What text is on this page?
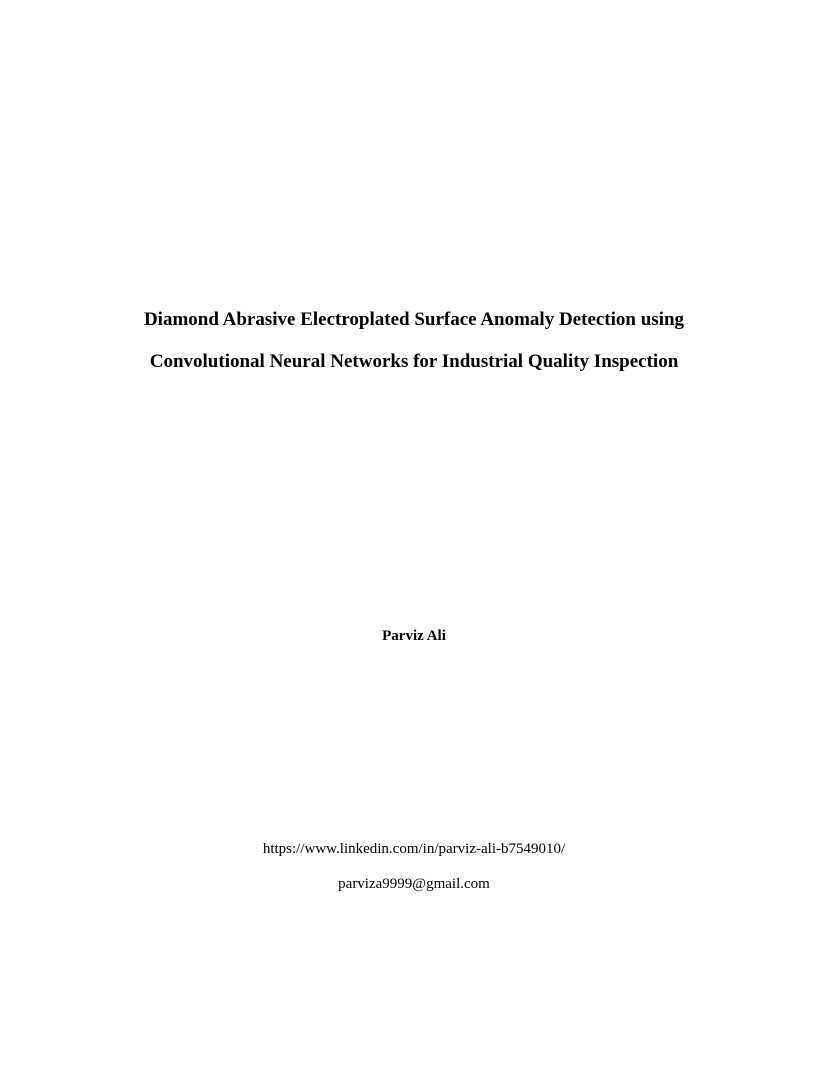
Diamond Abrasive Electroplated Surface Anomaly Detection using

Convolutional Neural Networks for Industrial Quality Inspection

Parviz Ali

https://www.linkedin.com/in/parviz-ali-b7549010/

parviza9999@gmail.com
